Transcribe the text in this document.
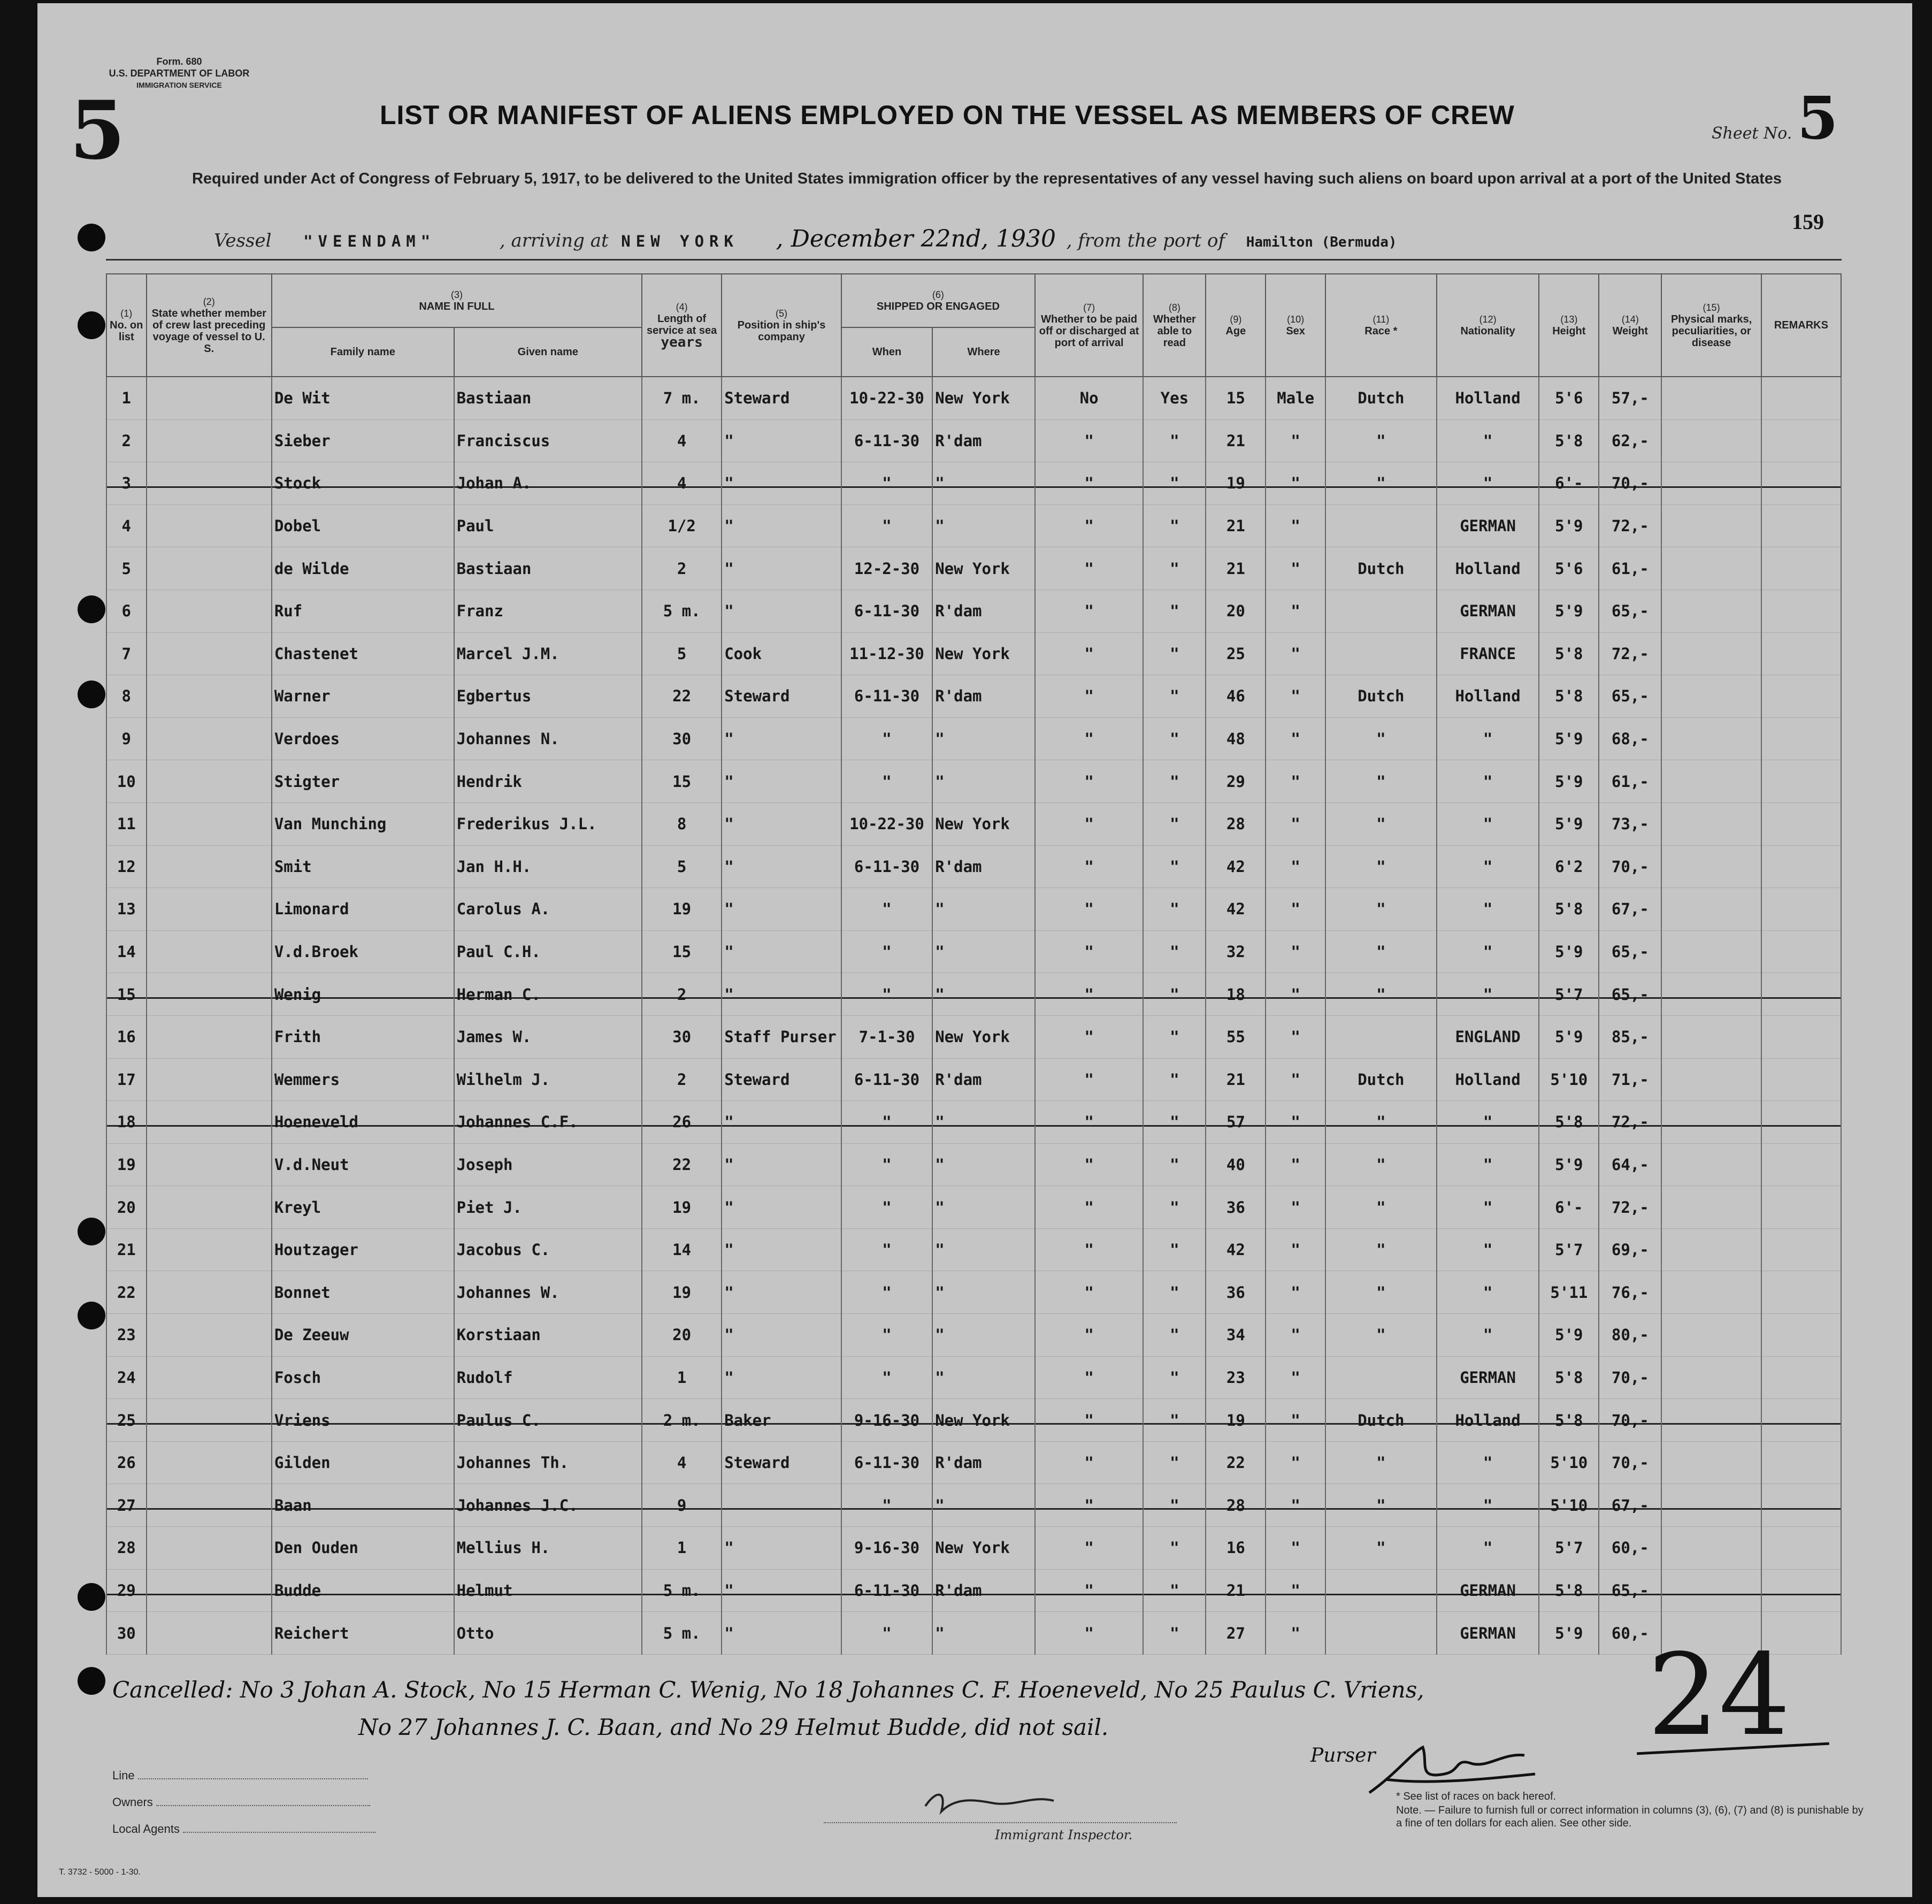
Form. 680
U.S. DEPARTMENT OF LABOR
IMMIGRATION SERVICE
5	LIST OR MANIFEST OF ALIENS EMPLOYED ON THE VESSEL AS MEMBERS OF CREW
Sheet No. 5
Required under Act of Congress of February 5, 1917, to be delivered to the United States immigration officer by the representatives of any vessel having such aliens on board upon arrival at a port of the United States
159
Vessel "VEENDAM"	, arriving at NEW YORK , December 22nd, 1930 , from the port of Hamilton (Bermuda)
(1)
No. on list	(2)
State whether member of crew last preceding voyage of vessel to U. S.	(3)
NAME IN FULL		(4)
Length of service at sea
years	(5)
Position in ship's company	(6)
SHIPPED OR ENGAGED		(7)
Whether to be paid off or discharged at port of arrival	(8)
Whether able to read	(9)
Age	(10)
Sex	(11)
Race *	(12)
Nationality	(13)
Height	(14)
Weight	(15)
Physical marks, peculiarities, or disease	REMARKS
		Family name	Given name			When	Where										
1		De Wit	Bastiaan	7 m.	Steward	10-22-30	New York	No	Yes	15	Male	Dutch	Holland	5'6	57,-		
2		Sieber	Franciscus	4	"	6-11-30	R'dam	"	"	21	"	"	"	5'8	62,-		
3		Stock	Johan A.	4	"	"	"	"	"	19	"	"	"	6'-	70,-		
4		Dobel	Paul	1/2	"	"	"	"	"	21	"		GERMAN	5'9	72,-		
5		de Wilde	Bastiaan	2	"	12-2-30	New York	"	"	21	"	Dutch	Holland	5'6	61,-		
6		Ruf	Franz	5 m.	"	6-11-30	R'dam	"	"	20	"		GERMAN	5'9	65,-		
7		Chastenet	Marcel J.M.	5	Cook	11-12-30	New York	"	"	25	"		FRANCE	5'8	72,-		
8		Warner	Egbertus	22	Steward	6-11-30	R'dam	"	"	46	"	Dutch	Holland	5'8	65,-		
9		Verdoes	Johannes N.	30	"	"	"	"	"	48	"	"	"	5'9	68,-		
10		Stigter	Hendrik	15	"	"	"	"	"	29	"	"	"	5'9	61,-		
11		Van Munching	Frederikus J.L.	8	"	10-22-30	New York	"	"	28	"	"	"	5'9	73,-		
12		Smit	Jan H.H.	5	"	6-11-30	R'dam	"	"	42	"	"	"	6'2	70,-		
13		Limonard	Carolus A.	19	"	"	"	"	"	42	"	"	"	5'8	67,-		
14		V.d.Broek	Paul C.H.	15	"	"	"	"	"	32	"	"	"	5'9	65,-		
15		Wenig	Herman C.	2	"	"	"	"	"	18	"	"	"	5'7	65,-		
16		Frith	James W.	30	Staff Purser	7-1-30	New York	"	"	55	"		ENGLAND	5'9	85,-		
17		Wemmers	Wilhelm J.	2	Steward	6-11-30	R'dam	"	"	21	"	Dutch	Holland	5'10	71,-		
18		Hoeneveld	Johannes C.F.	26	"	"	"	"	"	57	"	"	"	5'8	72,-		
19		V.d.Neut	Joseph	22	"	"	"	"	"	40	"	"	"	5'9	64,-		
20		Kreyl	Piet J.	19	"	"	"	"	"	36	"	"	"	6'-	72,-		
21		Houtzager	Jacobus C.	14	"	"	"	"	"	42	"	"	"	5'7	69,-		
22		Bonnet	Johannes W.	19	"	"	"	"	"	36	"	"	"	5'11	76,-		
23		De Zeeuw	Korstiaan	20	"	"	"	"	"	34	"	"	"	5'9	80,-		
24		Fosch	Rudolf	1	"	"	"	"	"	23	"		GERMAN	5'8	70,-		
25		Vriens	Paulus C.	2 m.	Baker	9-16-30	New York	"	"	19	"	Dutch	Holland	5'8	70,-		
26		Gilden	Johannes Th.	4	Steward	6-11-30	R'dam	"	"	22	"	"	"	5'10	70,-		
27		Baan	Johannes J.C.	9		"	"	"	"	28	"	"	"	5'10	67,-		
28		Den Ouden	Mellius H.	1	"	9-16-30	New York	"	"	16	"	"	"	5'7	60,-		
29		Budde	Helmut	5 m.	"	6-11-30	R'dam	"	"	21	"		GERMAN	5'8	65,-		
30		Reichert	Otto	5 m.	"	"	"	"	"	27	"		GERMAN	5'9	60,-		
Cancelled: No 3 Johan A. Stock, No 15 Herman C. Wenig, No 18 Johannes C. F. Hoeneveld, No 25 Paulus C. Vriens,
No 27 Johannes J. C. Baan, and No 29 Helmut Budde, did not sail.
Purser 24
Line
Owners
Local Agents	Immigrant Inspector.
* See list of races on back hereof.
Note. — Failure to furnish full or correct information in columns (3), (6), (7) and (8) is punishable by a fine of ten dollars for each alien. See other side.
T. 3732 - 5000 - 1-30.
